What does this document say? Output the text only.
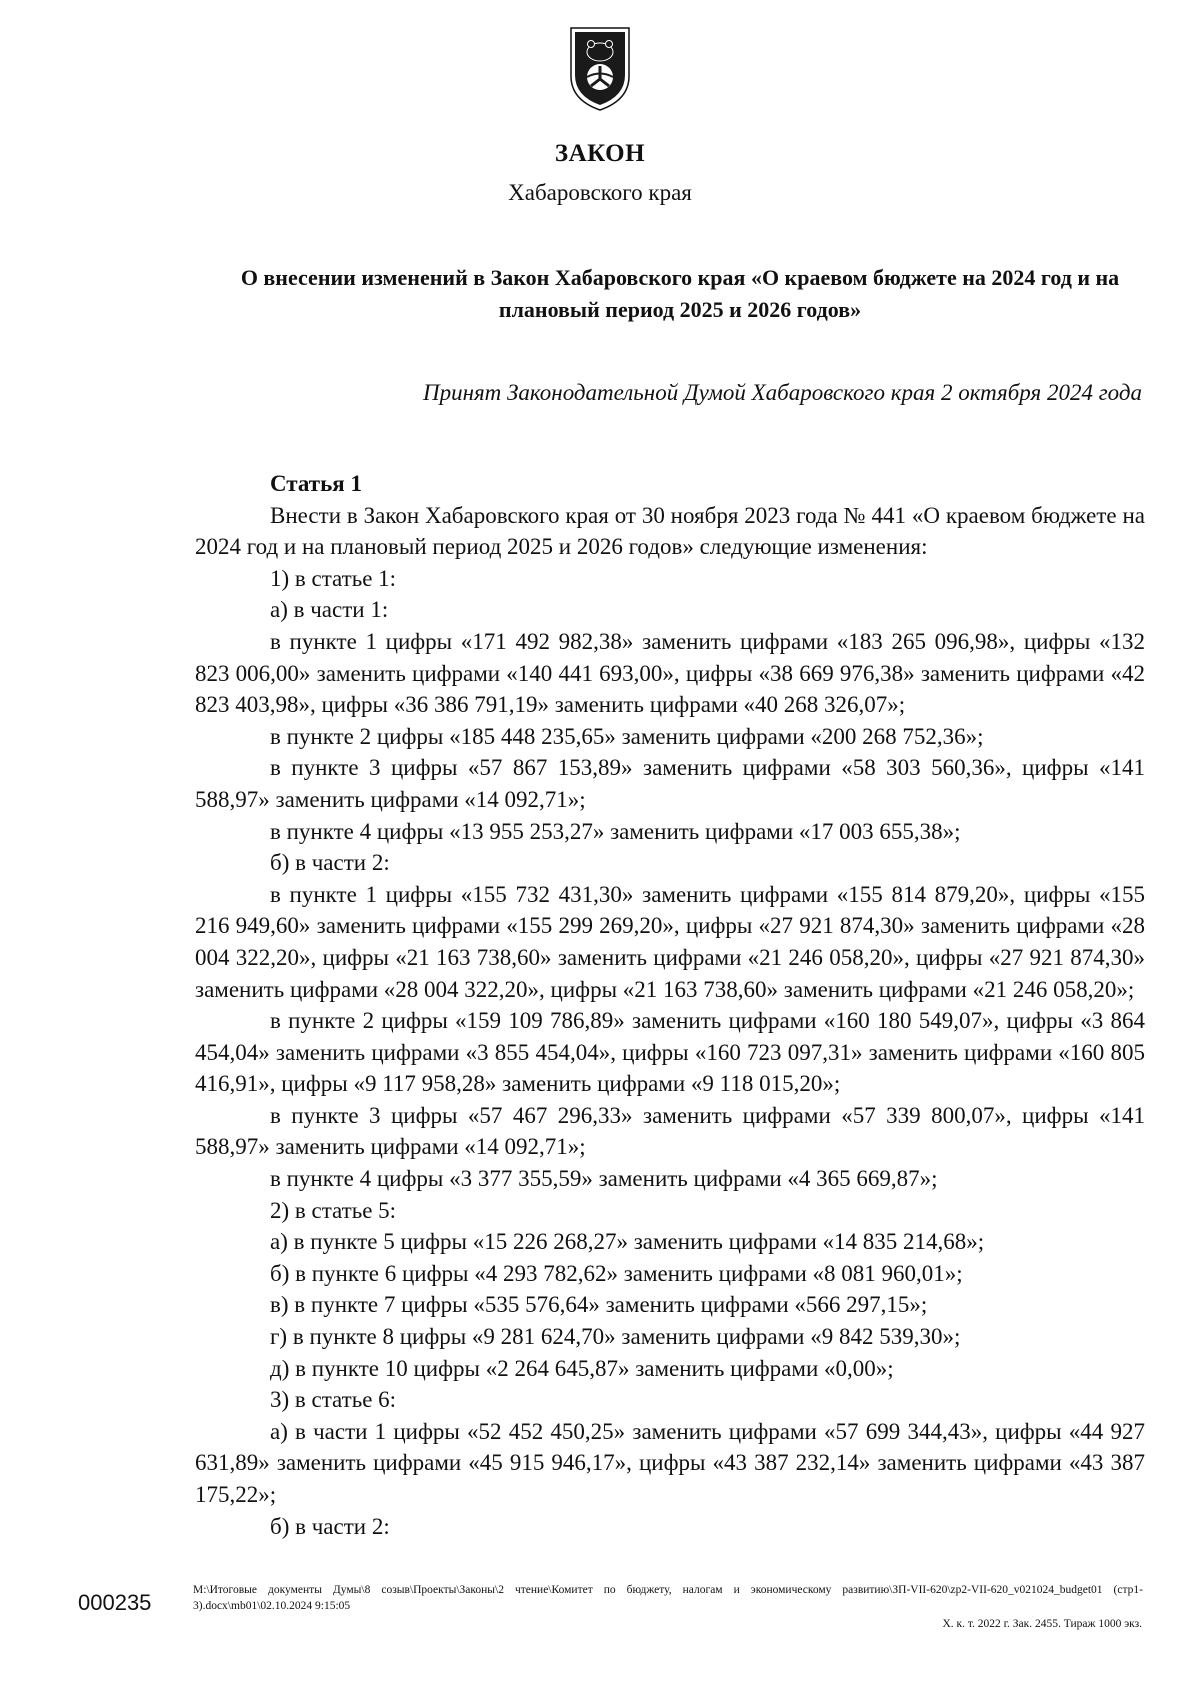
ЗАКОН
Хабаровского края
О внесении изменений в Закон Хабаровского края «О краевом бюджете на 2024 год и на плановый период 2025 и 2026 годов»
Принят Законодательной Думой Хабаровского края 2 октября 2024 года
Статья 1

Внести в Закон Хабаровского края от 30 ноября 2023 года № 441 «О краевом бюджете на 2024 год и на плановый период 2025 и 2026 годов» следующие изменения:

1) в статье 1:

а) в части 1:

в пункте 1 цифры «171 492 982,38» заменить цифрами «183 265 096,98», цифры «132 823 006,00» заменить цифрами «140 441 693,00», цифры «38 669 976,38» заменить цифрами «42 823 403,98», цифры «36 386 791,19» заменить цифрами «40 268 326,07»;

в пункте 2 цифры «185 448 235,65» заменить цифрами «200 268 752,36»;

в пункте 3 цифры «57 867 153,89» заменить цифрами «58 303 560,36», цифры «141 588,97» заменить цифрами «14 092,71»;

в пункте 4 цифры «13 955 253,27» заменить цифрами «17 003 655,38»;

б) в части 2:

в пункте 1 цифры «155 732 431,30» заменить цифрами «155 814 879,20», цифры «155 216 949,60» заменить цифрами «155 299 269,20», цифры «27 921 874,30» заменить цифрами «28 004 322,20», цифры «21 163 738,60» заменить цифрами «21 246 058,20», цифры «27 921 874,30» заменить цифрами «28 004 322,20», цифры «21 163 738,60» заменить цифрами «21 246 058,20»;

в пункте 2 цифры «159 109 786,89» заменить цифрами «160 180 549,07», цифры «3 864 454,04» заменить цифрами «3 855 454,04», цифры «160 723 097,31» заменить цифрами «160 805 416,91», цифры «9 117 958,28» заменить цифрами «9 118 015,20»;

в пункте 3 цифры «57 467 296,33» заменить цифрами «57 339 800,07», цифры «141 588,97» заменить цифрами «14 092,71»;

в пункте 4 цифры «3 377 355,59» заменить цифрами «4 365 669,87»;

2) в статье 5:

а) в пункте 5 цифры «15 226 268,27» заменить цифрами «14 835 214,68»;

б) в пункте 6 цифры «4 293 782,62» заменить цифрами «8 081 960,01»;

в) в пункте 7 цифры «535 576,64» заменить цифрами «566 297,15»;

г) в пункте 8 цифры «9 281 624,70» заменить цифрами «9 842 539,30»;

д) в пункте 10 цифры «2 264 645,87» заменить цифрами «0,00»;

3) в статье 6:

а) в части 1 цифры «52 452 450,25» заменить цифрами «57 699 344,43», цифры «44 927 631,89» заменить цифрами «45 915 946,17», цифры «43 387 232,14» заменить цифрами «43 387 175,22»;

б) в части 2:

000235	M:\Итоговые документы Думы\8 созыв\Проекты\Законы\2 чтение\Комитет по бюджету, налогам и экономическому развитию\ЗП-VII-620\zp2-VII-620_v021024_budget01 (стр1-3).docx\mb01\02.10.2024 9:15:05
Х. к. т. 2022 г. Зак. 2455. Тираж 1000 экз.
